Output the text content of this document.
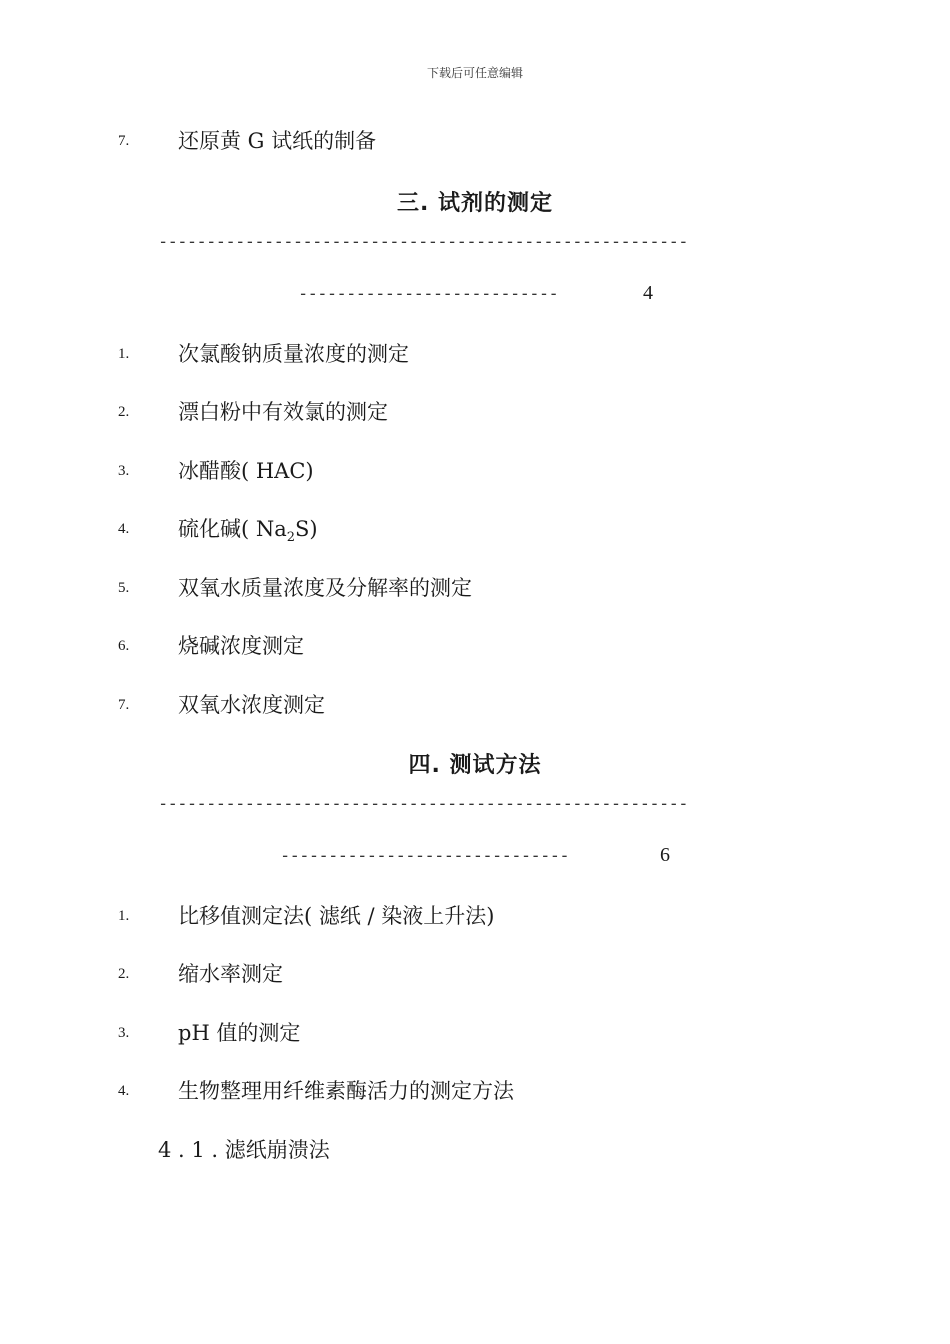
下载后可任意编辑
7. 还原黄 G 试纸的制备
三. 试剂的测定
-------------------------------------------------------
---------------------------	4
1. 次氯酸钠质量浓度的测定
2. 漂白粉中有效氯的测定
3. 冰醋酸( HAC)
4. 硫化碱( $Na_2S$)
5. 双氧水质量浓度及分解率的测定
6. 烧碱浓度测定
7. 双氧水浓度测定
四. 测试方法
-------------------------------------------------------
------------------------------	6
1. 比移值测定法( 滤纸 / 染液上升法)
2. 缩水率测定
3. pH 值的测定
4. 生物整理用纤维素酶活力的测定方法
4 . 1 . 滤纸崩溃法
